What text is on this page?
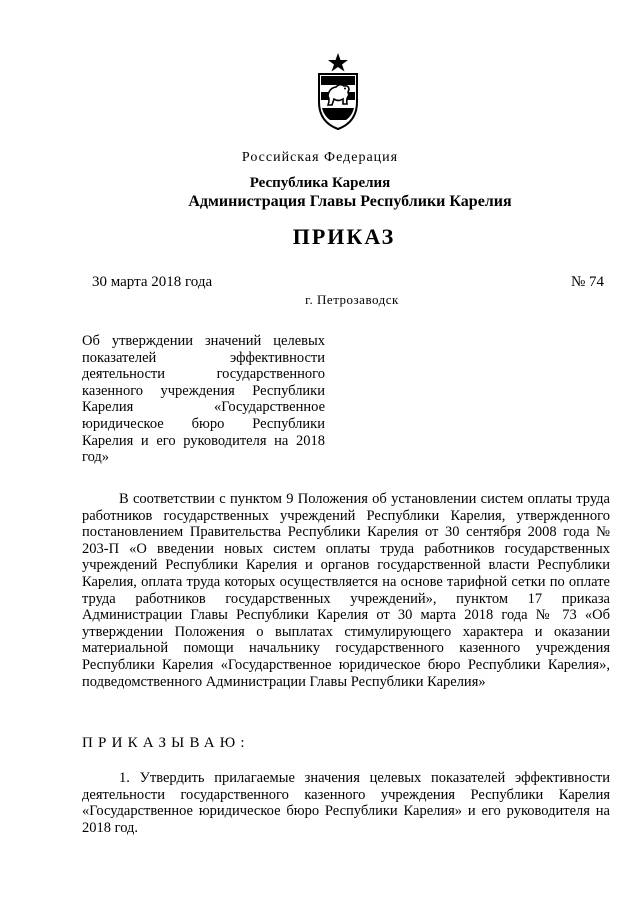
Российская Федерация
Республика Карелия
Администрация Главы Республики Карелия
ПРИКАЗ
30 марта 2018 года	№ 74
г. Петрозаводск
Об утверждении значений целевых показателей эффективности деятельности государственного казенного учреждения Республики Карелия «Государственное юридическое бюро Республики Карелия и его руководителя на 2018 год»
В соответствии с пунктом 9 Положения об установлении систем оплаты труда работников государственных учреждений Республики Карелия, утвержденного постановлением Правительства Республики Карелия от 30 сентября 2008 года № 203-П «О введении новых систем оплаты труда работников государственных учреждений Республики Карелия и органов государственной власти Республики Карелия, оплата труда которых осуществляется на основе тарифной сетки по оплате труда работников государственных учреждений», пунктом 17 приказа Администрации Главы Республики Карелия от 30 марта 2018 года № 73 «Об утверждении Положения о выплатах стимулирующего характера и оказании материальной помощи начальнику государственного казенного учреждения Республики Карелия «Государственное юридическое бюро Республики Карелия», подведомственного Администрации Главы Республики Карелия»
ПРИКАЗЫВАЮ:
1. Утвердить прилагаемые значения целевых показателей эффективности деятельности государственного казенного учреждения Республики Карелия «Государственное юридическое бюро Республики Карелия» и его руководителя на 2018 год.
